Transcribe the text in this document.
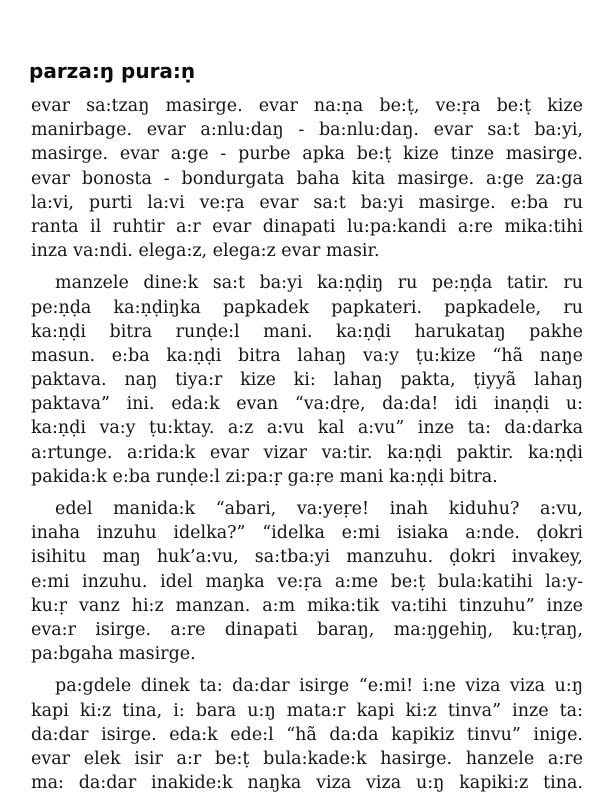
parza:ŋ pura:ṇ

evar sa:tzaŋ masirge. evar na:ṇa be:ṭ, ve:ṛa be:ṭ kize
manirbage. evar a:nlu:daŋ - ba:nlu:daŋ. evar sa:t ba:yi,
masirge. evar a:ge - purbe apka be:ṭ kize tinze masirge.
evar bonosta - bondurgata baha kita masirge. a:ge za:ga
la:vi, purti la:vi ve:ṛa evar sa:t ba:yi masirge. e:ba ru
ranta il ruhtir a:r evar dinapati lu:pa:kandi a:re mika:tihi
inza va:ndi. elega:z, elega:z evar masir.

manzele dine:k sa:t ba:yi ka:ṇḍiŋ ru pe:ṇḍa tatir. ru
pe:ṇḍa ka:ṇḍiŋka papkadek papkateri. papkadele, ru
ka:ṇḍi bitra runḍe:l mani. ka:ṇḍi harukataŋ pakhe
masun. e:ba ka:ṇḍi bitra lahaŋ va:y ṭu:kize “hã naŋe
paktava. naŋ tiya:r kize ki: lahaŋ pakta, ṭiyyã lahaŋ
paktava” ini. eda:k evan “va:dṛe, da:da! idi inaṇḍi u:
ka:ṇḍi va:y ṭu:ktay. a:z a:vu kal a:vu” inze ta: da:darka
a:rtunge. a:rida:k evar vizar va:tir. ka:ṇḍi paktir. ka:ṇḍi
pakida:k e:ba runḍe:l zi:pa:ṛ ga:ṛe mani ka:ṇḍi bitra.

edel manida:k “abari, va:yeṛe! inah kiduhu? a:vu,
inaha inzuhu idelka?” “idelka e:mi isiaka a:nde. ḍokri
isihitu maŋ huk’a:vu, sa:tba:yi manzuhu. ḍokri invakey,
e:mi inzuhu. idel maŋka ve:ṛa a:me be:ṭ bula:katihi la:y-
ku:ṛ vanz hi:z manzan. a:m mika:tik va:tihi tinzuhu” inze
eva:r isirge. a:re dinapati baraŋ, ma:ŋgehiŋ, ku:ṭraŋ,
pa:bgaha masirge.

pa:gdele dinek ta: da:dar isirge “e:mi! i:ne viza viza u:ŋ
kapi ki:z tina, i: bara u:ŋ mata:r kapi ki:z tinva” inze ta:
da:dar isirge. eda:k ede:l “hã da:da kapikiz tinvu” inige.
evar elek isir a:r be:ṭ bula:kade:k hasirge. hanzele a:re
ma: da:dar inakide:k naŋka viza viza u:ŋ kapiki:z tina.
